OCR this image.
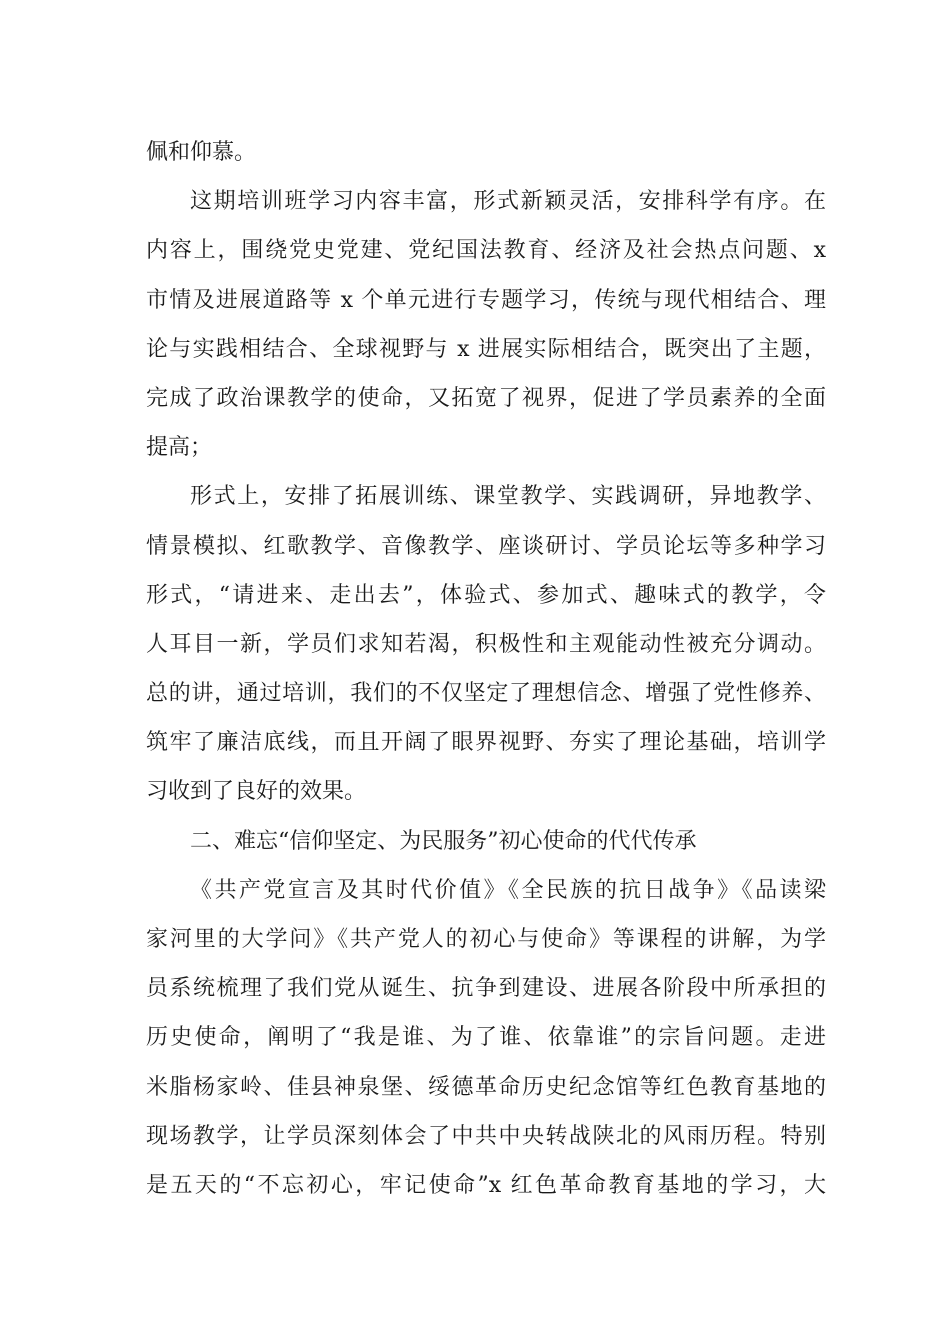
佩和仰慕。
这期培训班学习内容丰富，形式新颖灵活，安排科学有序。在
内容上，围绕党史党建、党纪国法教育、经济及社会热点问题、x
市情及进展道路等 x 个单元进行专题学习，传统与现代相结合、理
论与实践相结合、全球视野与 x 进展实际相结合，既突出了主题，
完成了政治课教学的使命，又拓宽了视界，促进了学员素养的全面
提高；
形式上，安排了拓展训练、课堂教学、实践调研，异地教学、
情景模拟、红歌教学、音像教学、座谈研讨、学员论坛等多种学习
形式，“请进来、走出去”，体验式、参加式、趣味式的教学，令
人耳目一新，学员们求知若渴，积极性和主观能动性被充分调动。
总的讲，通过培训，我们的不仅坚定了理想信念、增强了党性修养、
筑牢了廉洁底线，而且开阔了眼界视野、夯实了理论基础，培训学
习收到了良好的效果。
二、难忘“信仰坚定、为民服务”初心使命的代代传承
《共产党宣言及其时代价值》《全民族的抗日战争》《品读梁
家河里的大学问》《共产党人的初心与使命》等课程的讲解，为学
员系统梳理了我们党从诞生、抗争到建设、进展各阶段中所承担的
历史使命，阐明了“我是谁、为了谁、依靠谁”的宗旨问题。走进
米脂杨家岭、佳县神泉堡、绥德革命历史纪念馆等红色教育基地的
现场教学，让学员深刻体会了中共中央转战陕北的风雨历程。特别
是五天的“不忘初心，牢记使命”x 红色革命教育基地的学习，大
